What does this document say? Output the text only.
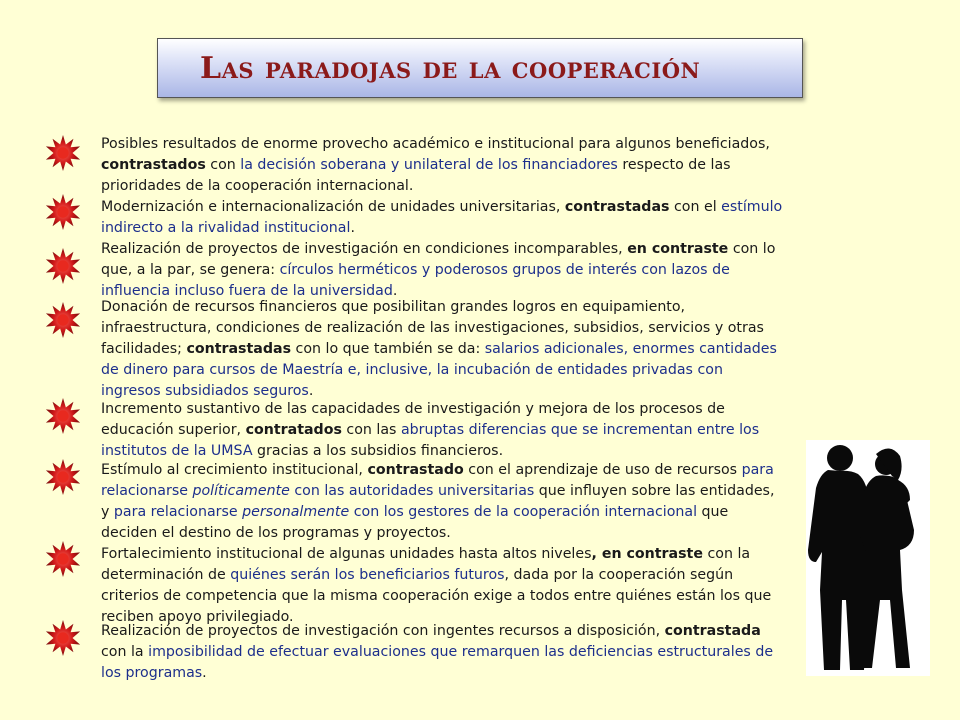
Las paradojas de la cooperación
Posibles resultados de enorme provecho académico e institucional para algunos beneficiados, contrastados con la decisión soberana y unilateral de los financiadores respecto de las prioridades de la cooperación internacional.
Modernización e internacionalización de unidades universitarias, contrastadas con el estímulo indirecto a la rivalidad institucional.
Realización de proyectos de investigación en condiciones incomparables, en contraste con lo que, a la par, se genera: círculos herméticos y poderosos grupos de interés con lazos de influencia incluso fuera de la universidad.
Donación de recursos financieros que posibilitan grandes logros en equipamiento, infraestructura, condiciones de realización de las investigaciones, subsidios, servicios y otras facilidades; contrastadas con lo que también se da: salarios adicionales, enormes cantidades de dinero para cursos de Maestría e, inclusive, la incubación de entidades privadas con ingresos subsidiados seguros.
Incremento sustantivo de las capacidades de investigación y mejora de los procesos de educación superior, contratados con las abruptas diferencias que se incrementan entre los institutos de la UMSA gracias a los subsidios financieros.
Estímulo al crecimiento institucional, contrastado con el aprendizaje de uso de recursos para relacionarse políticamente con las autoridades universitarias que influyen sobre las entidades, y para relacionarse personalmente con los gestores de la cooperación internacional que deciden el destino de los programas y proyectos.
Fortalecimiento institucional de algunas unidades hasta altos niveles, en contraste con la determinación de quiénes serán los beneficiarios futuros, dada por la cooperación según criterios de competencia que la misma cooperación exige a todos entre quiénes están los que reciben apoyo privilegiado.
Realización de proyectos de investigación con ingentes recursos a disposición, contrastada con la imposibilidad de efectuar evaluaciones que remarquen las deficiencias estructurales de los programas.
